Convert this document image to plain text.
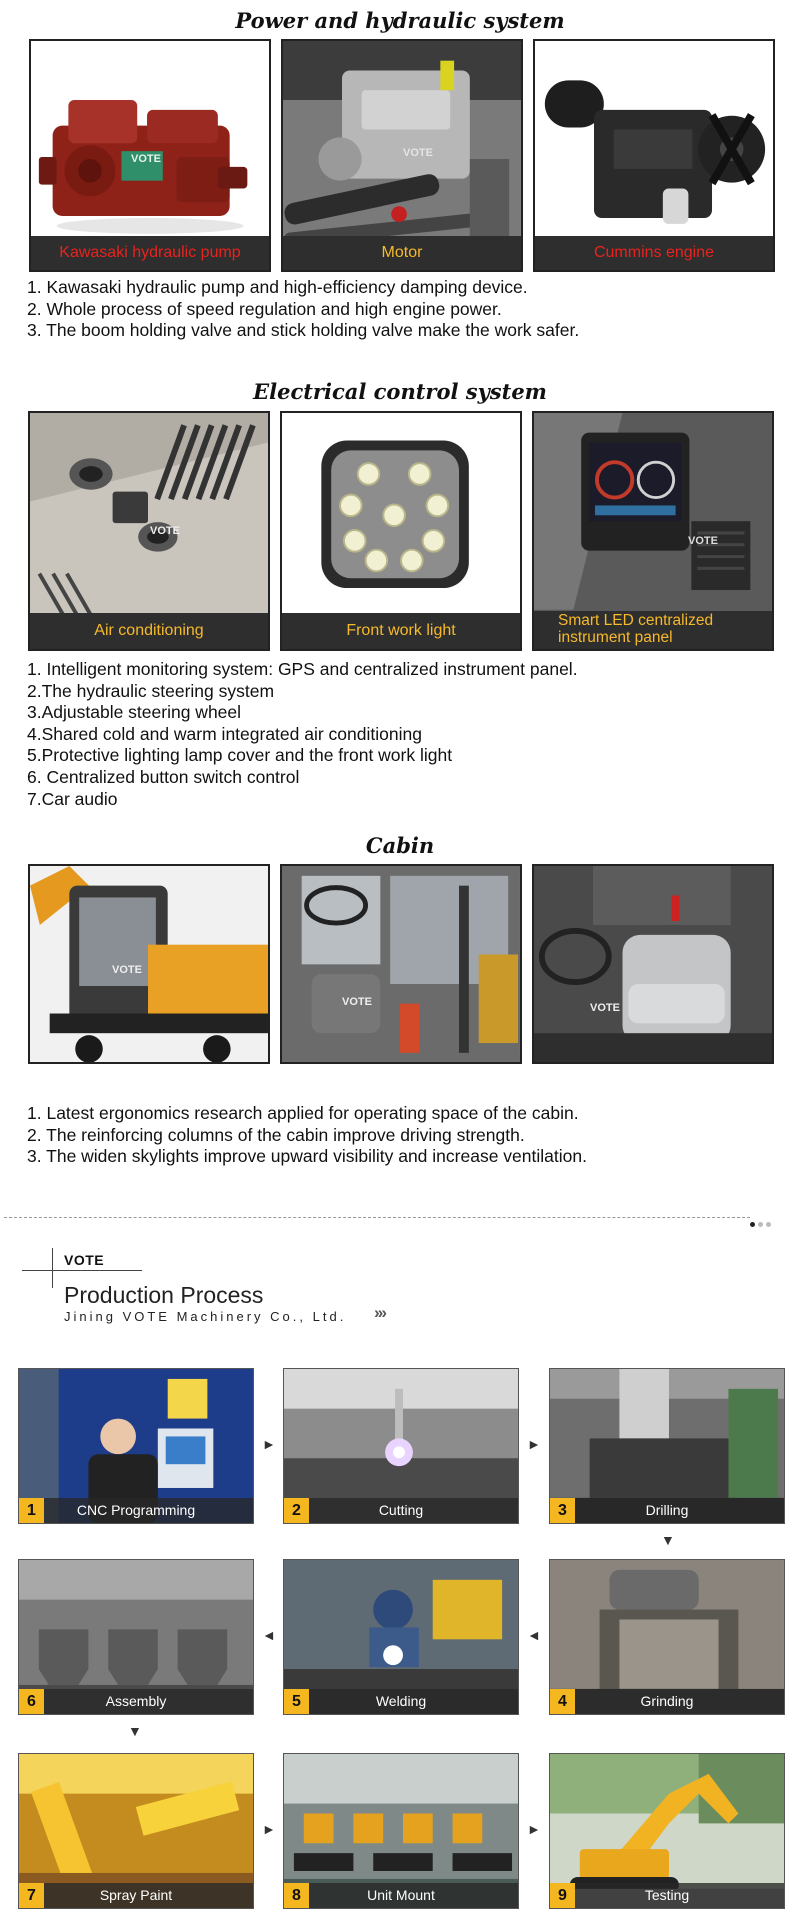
Power and hydraulic system
VOTE
Kawasaki hydraulic pump
VOTE
Motor	Cummins engine
1. Kawasaki hydraulic pump and high-efficiency damping device.
2. Whole process of speed regulation and high engine power.
3. The boom holding valve and stick holding valve make the work safer.
Electrical control system
VOTE
Air conditioning	Front work light
VOTE
Smart LED centralized
instrument panel
1. Intelligent monitoring system: GPS and centralized instrument panel.
2.The hydraulic steering system
3.Adjustable steering wheel
4.Shared cold and warm integrated air conditioning
5.Protective lighting lamp cover and the front work light
6. Centralized button switch control
7.Car audio
Cabin
VOTE
VOTE	VOTE
1. Latest ergonomics research applied for operating space of the cabin.
2. The reinforcing columns of the cabin improve driving strength.
3. The widen skylights improve upward visibility and increase ventilation.
VOTE
Production Process
Jining VOTE Machinery Co., Ltd. ›››
CNC Programming
1
►
Cutting
2
►
Drilling
3
▼
Assembly
6
◄
Welding
5
◄
Grinding
4
▼
Spray Paint
7
►
Unit Mount
8
►
Testing
9
